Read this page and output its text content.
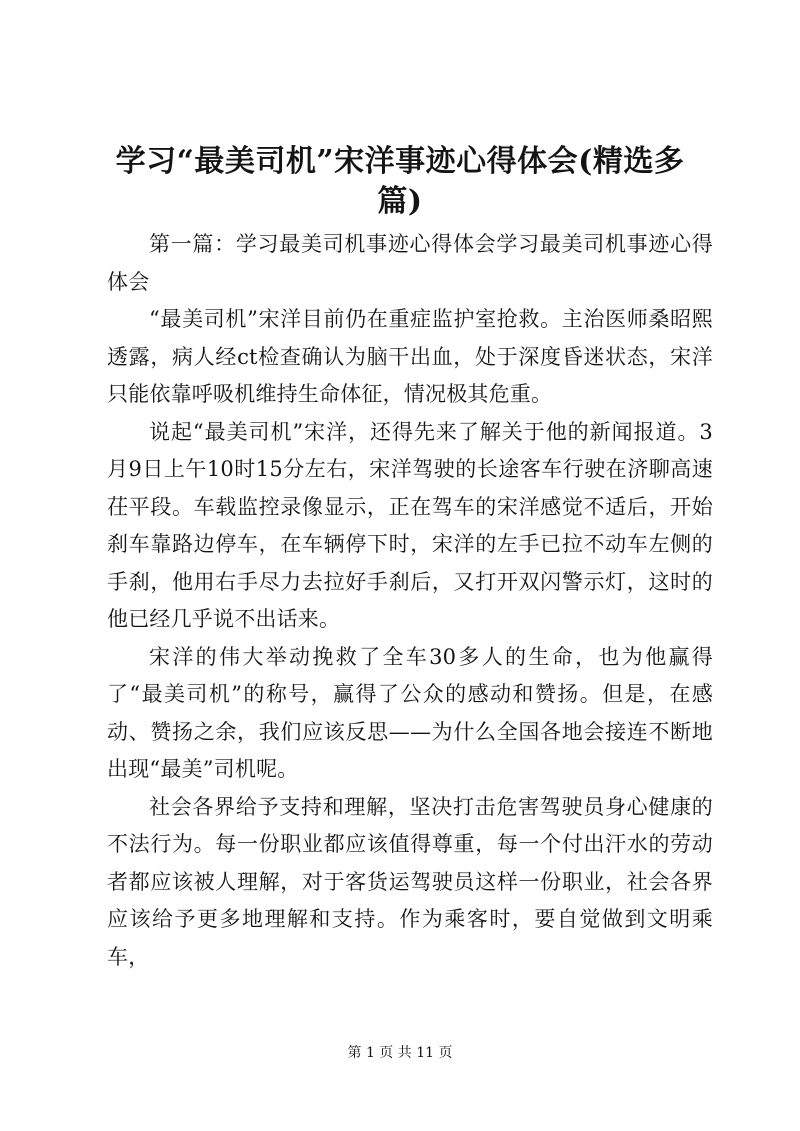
学习“最美司机”宋洋事迹心得体会(精选多篇)

第一篇：学习最美司机事迹心得体会学习最美司机事迹心得体会

“最美司机”宋洋目前仍在重症监护室抢救。主治医师桑昭熙透露，病人经ct检查确认为脑干出血，处于深度昏迷状态，宋洋只能依靠呼吸机维持生命体征，情况极其危重。

说起“最美司机”宋洋，还得先来了解关于他的新闻报道。3月9日上午10时15分左右，宋洋驾驶的长途客车行驶在济聊高速茌平段。车载监控录像显示，正在驾车的宋洋感觉不适后，开始刹车靠路边停车，在车辆停下时，宋洋的左手已拉不动车左侧的手刹，他用右手尽力去拉好手刹后，又打开双闪警示灯，这时的他已经几乎说不出话来。

宋洋的伟大举动挽救了全车30多人的生命，也为他赢得了“最美司机”的称号，赢得了公众的感动和赞扬。但是，在感动、赞扬之余，我们应该反思——为什么全国各地会接连不断地出现“最美”司机呢。

社会各界给予支持和理解，坚决打击危害驾驶员身心健康的不法行为。每一份职业都应该值得尊重，每一个付出汗水的劳动者都应该被人理解，对于客货运驾驶员这样一份职业，社会各界应该给予更多地理解和支持。作为乘客时，要自觉做到文明乘车，

第 1 页 共 11 页
